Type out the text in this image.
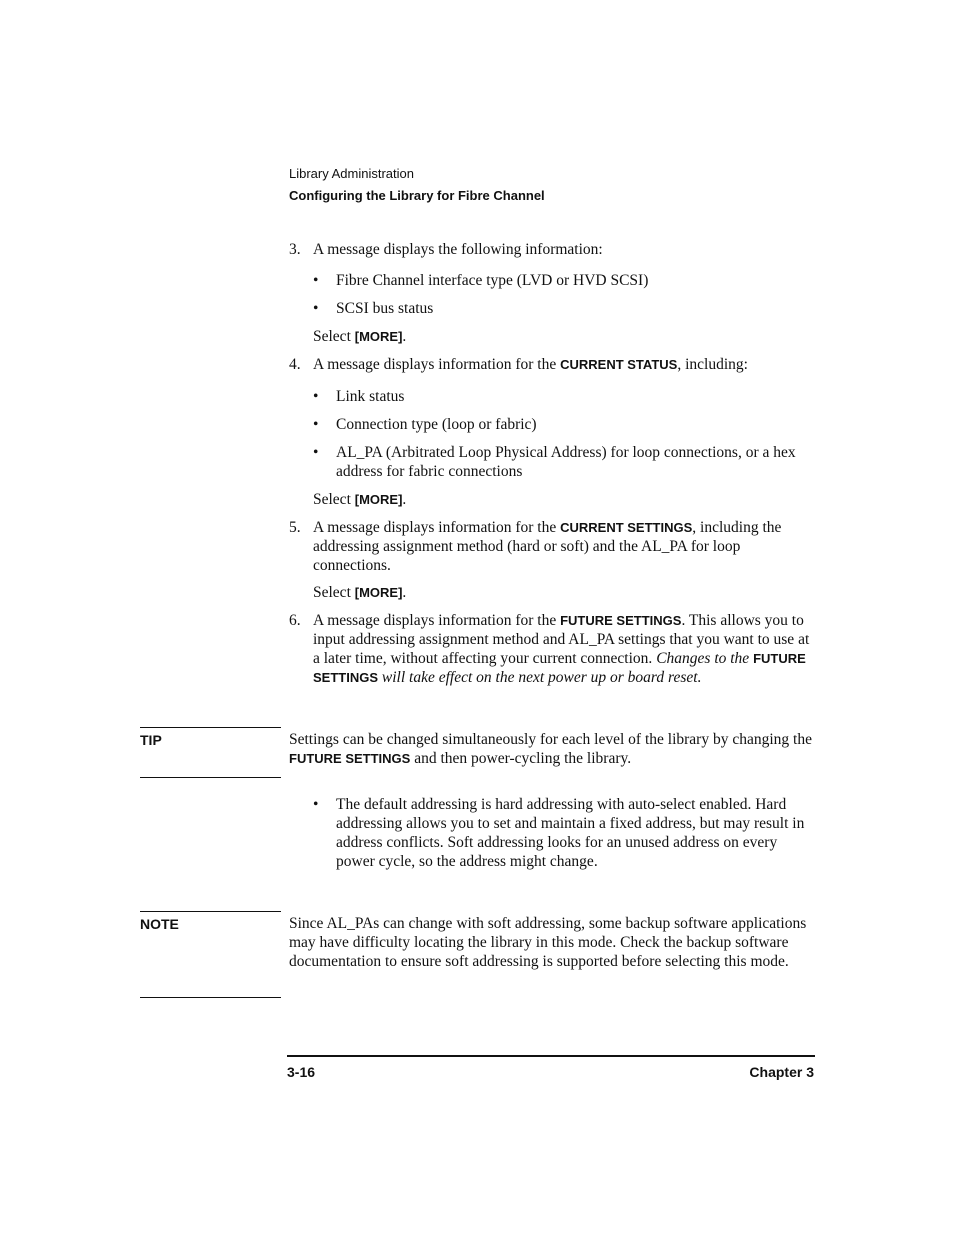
Library Administration
Configuring the Library for Fibre Channel
3. A message displays the following information:
• Fibre Channel interface type (LVD or HVD SCSI)
• SCSI bus status
Select [MORE].
4. A message displays information for the CURRENT STATUS, including:
• Link status
• Connection type (loop or fabric)
• AL_PA (Arbitrated Loop Physical Address) for loop connections, or a hex address for fabric connections
Select [MORE].
5. A message displays information for the CURRENT SETTINGS, including the addressing assignment method (hard or soft) and the AL_PA for loop connections.
Select [MORE].
6. A message displays information for the FUTURE SETTINGS. This allows you to input addressing assignment method and AL_PA settings that you want to use at a later time, without affecting your current connection. Changes to the FUTURE SETTINGS will take effect on the next power up or board reset.
TIP	Settings can be changed simultaneously for each level of the library by changing the FUTURE SETTINGS and then power-cycling the library.
• The default addressing is hard addressing with auto-select enabled. Hard addressing allows you to set and maintain a fixed address, but may result in address conflicts. Soft addressing looks for an unused address on every power cycle, so the address might change.
NOTE	Since AL_PAs can change with soft addressing, some backup software applications may have difficulty locating the library in this mode. Check the backup software documentation to ensure soft addressing is supported before selecting this mode.
3-16	Chapter 3
